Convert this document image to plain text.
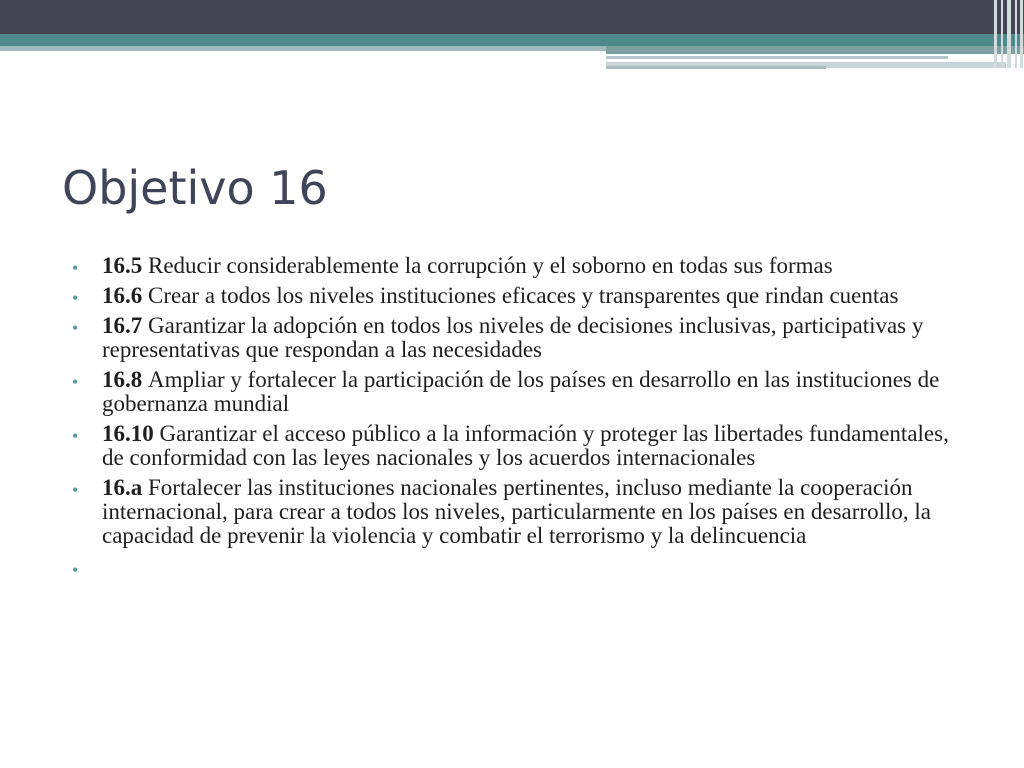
Objetivo 16
• 16.5 Reducir considerablemente la corrupción y el soborno en todas sus formas
• 16.6 Crear a todos los niveles instituciones eficaces y transparentes que rindan cuentas
• 16.7 Garantizar la adopción en todos los niveles de decisiones inclusivas, participativas y representativas que respondan a las necesidades
• 16.8 Ampliar y fortalecer la participación de los países en desarrollo en las instituciones de gobernanza mundial
• 16.10 Garantizar el acceso público a la información y proteger las libertades fundamentales, de conformidad con las leyes nacionales y los acuerdos internacionales
• 16.a Fortalecer las instituciones nacionales pertinentes, incluso mediante la cooperación internacional, para crear a todos los niveles, particularmente en los países en desarrollo, la capacidad de prevenir la violencia y combatir el terrorismo y la delincuencia
•
